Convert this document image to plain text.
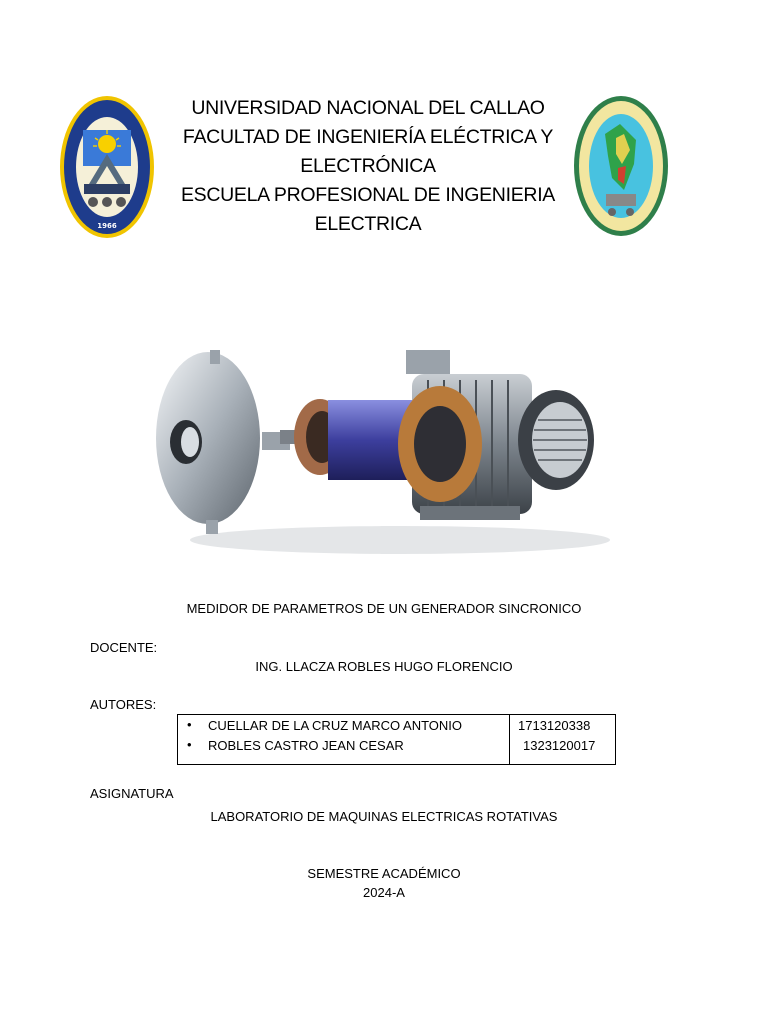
1966
UNIVERSIDAD NACIONAL DEL CALLAO
FACULTAD DE INGENIERÍA ELÉCTRICA Y
ELECTRÓNICA
ESCUELA PROFESIONAL DE INGENIERIA
ELECTRICA
MEDIDOR DE PARAMETROS DE UN GENERADOR SINCRONICO
DOCENTE:
ING. LLACZA ROBLES HUGO FLORENCIO
AUTORES:
• CUELLAR DE LA CRUZ MARCO ANTONIO	1713120338
• ROBLES CASTRO JEAN CESAR	1323120017
ASIGNATURA
LABORATORIO DE MAQUINAS ELECTRICAS ROTATIVAS
SEMESTRE ACADÉMICO
2024-A
